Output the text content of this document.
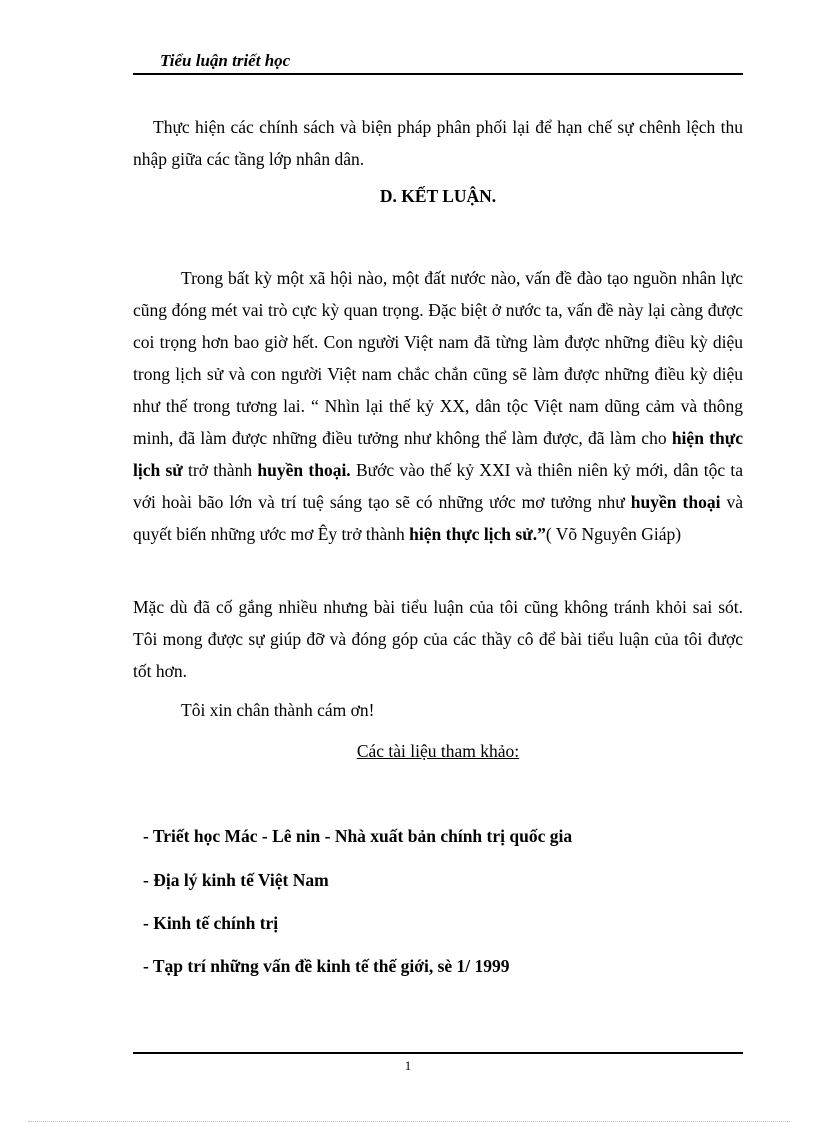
Tiểu luận triết học

Thực hiện các chính sách và biện pháp phân phối lại để hạn chế sự chênh lệch thu nhập giữa các tầng lớp nhân dân.

D. KẾT LUẬN.

Trong bất kỳ một xã hội nào, một đất nước nào, vấn đề đào tạo nguồn nhân lực cũng đóng mét vai trò cực kỳ quan trọng. Đặc biệt ở nước ta, vấn đề này lại càng được coi trọng hơn bao giờ hết. Con người Việt nam đã từng làm được những điều kỳ diệu trong lịch sử và con người Việt nam chắc chắn cũng sẽ làm được những điều kỳ diệu như thế trong tương lai. “ Nhìn lại thế kỷ XX, dân tộc Việt nam dũng cảm và thông minh, đã làm được những điều tưởng như không thể làm được, đã làm cho hiện thực lịch sử trở thành huyền thoại. Bước vào thế kỷ XXI và thiên niên kỷ mới, dân tộc ta với hoài bão lớn và trí tuệ sáng tạo sẽ có những ước mơ tưởng như huyền thoại và quyết biến những ước mơ Êy trở thành hiện thực lịch sử.”( Võ Nguyên Giáp)

Mặc dù đã cố gắng nhiều nhưng bài tiểu luận của tôi cũng không tránh khỏi sai sót. Tôi mong được sự giúp đỡ và đóng góp của các thầy cô để bài tiểu luận của tôi được tốt hơn.

Tôi xin chân thành cám ơn!

Các tài liệu tham khảo:

- Triết học Mác - Lê nin - Nhà xuất bản chính trị quốc gia

- Địa lý kinh tế Việt Nam

- Kinh tế chính trị

- Tạp trí những vấn đề kinh tế thế giới, sè 1/ 1999

1
